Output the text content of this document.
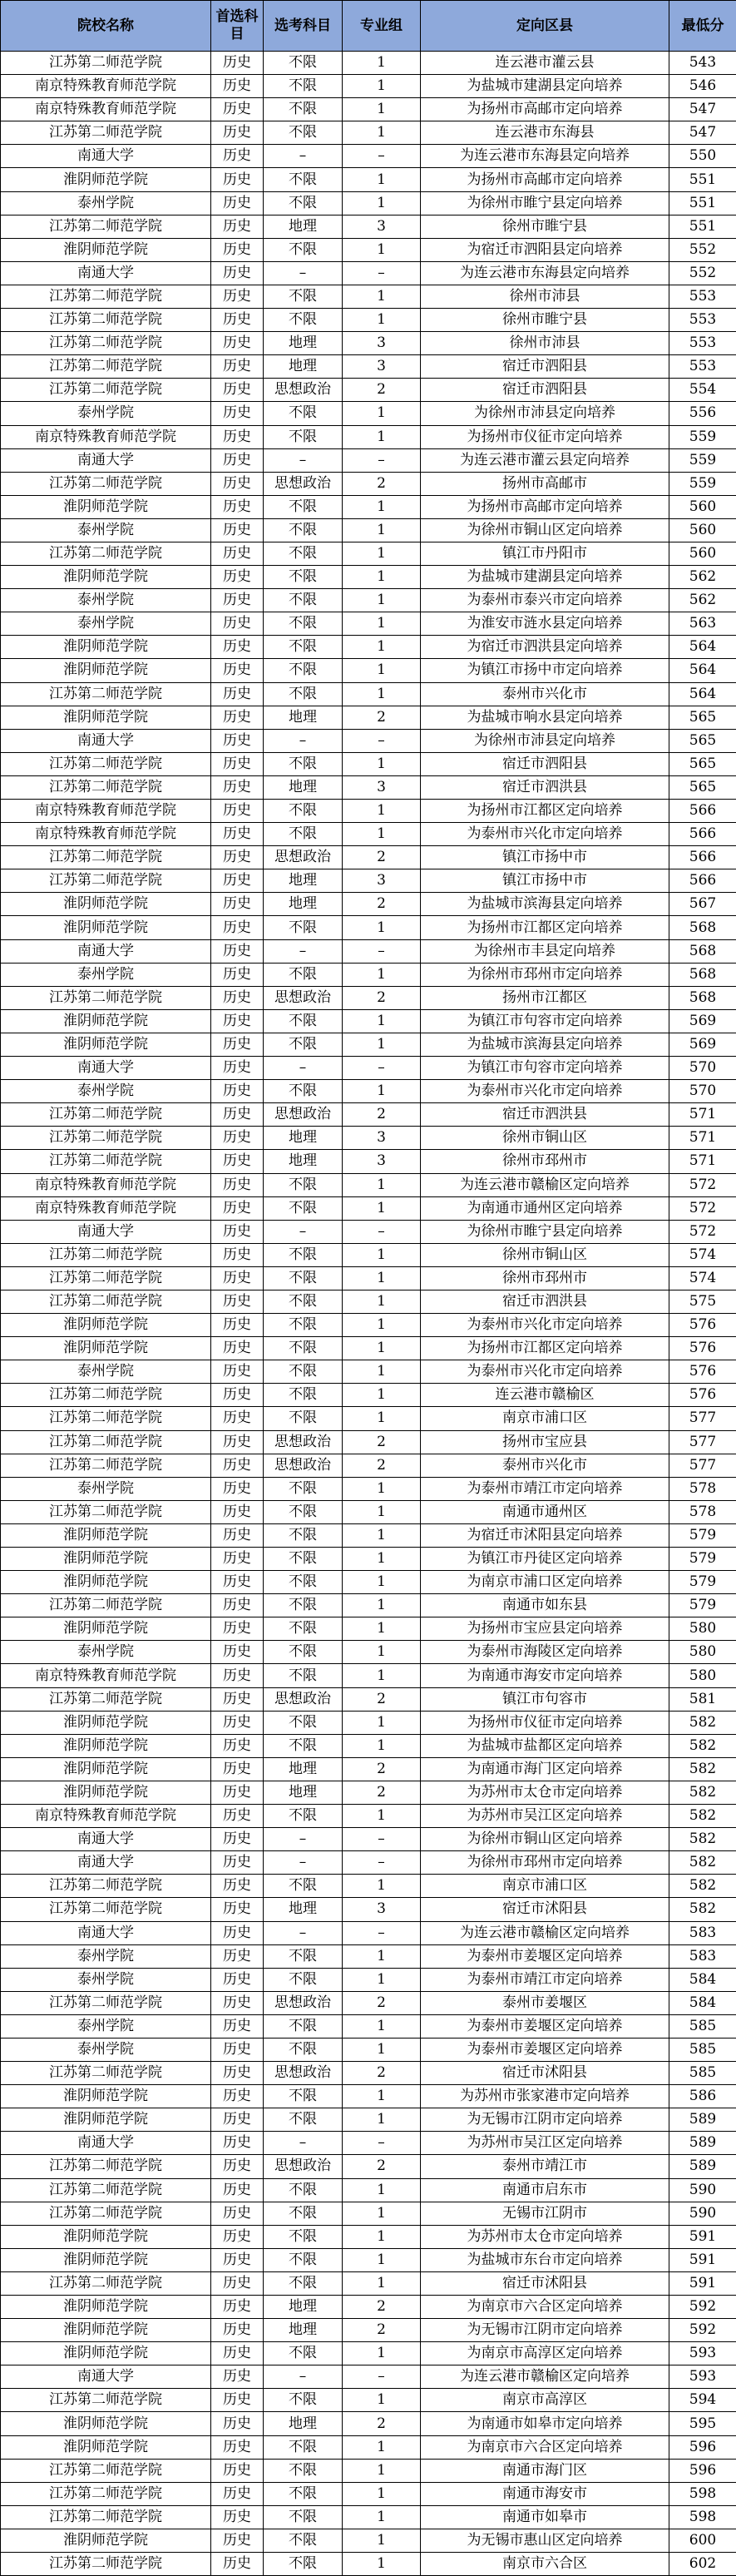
院校名称	首选科目	选考科目	专业组	定向区县	最低分
江苏第二师范学院	历史	不限	1	连云港市灌云县	543
南京特殊教育师范学院	历史	不限	1	为盐城市建湖县定向培养	546
南京特殊教育师范学院	历史	不限	1	为扬州市高邮市定向培养	547
江苏第二师范学院	历史	不限	1	连云港市东海县	547
南通大学	历史	–	–	为连云港市东海县定向培养	550
淮阴师范学院	历史	不限	1	为扬州市高邮市定向培养	551
泰州学院	历史	不限	1	为徐州市睢宁县定向培养	551
江苏第二师范学院	历史	地理	3	徐州市睢宁县	551
淮阴师范学院	历史	不限	1	为宿迁市泗阳县定向培养	552
南通大学	历史	–	–	为连云港市东海县定向培养	552
江苏第二师范学院	历史	不限	1	徐州市沛县	553
江苏第二师范学院	历史	不限	1	徐州市睢宁县	553
江苏第二师范学院	历史	地理	3	徐州市沛县	553
江苏第二师范学院	历史	地理	3	宿迁市泗阳县	553
江苏第二师范学院	历史	思想政治	2	宿迁市泗阳县	554
泰州学院	历史	不限	1	为徐州市沛县定向培养	556
南京特殊教育师范学院	历史	不限	1	为扬州市仪征市定向培养	559
南通大学	历史	–	–	为连云港市灌云县定向培养	559
江苏第二师范学院	历史	思想政治	2	扬州市高邮市	559
淮阴师范学院	历史	不限	1	为扬州市高邮市定向培养	560
泰州学院	历史	不限	1	为徐州市铜山区定向培养	560
江苏第二师范学院	历史	不限	1	镇江市丹阳市	560
淮阴师范学院	历史	不限	1	为盐城市建湖县定向培养	562
泰州学院	历史	不限	1	为泰州市泰兴市定向培养	562
泰州学院	历史	不限	1	为淮安市涟水县定向培养	563
淮阴师范学院	历史	不限	1	为宿迁市泗洪县定向培养	564
淮阴师范学院	历史	不限	1	为镇江市扬中市定向培养	564
江苏第二师范学院	历史	不限	1	泰州市兴化市	564
淮阴师范学院	历史	地理	2	为盐城市响水县定向培养	565
南通大学	历史	–	–	为徐州市沛县定向培养	565
江苏第二师范学院	历史	不限	1	宿迁市泗阳县	565
江苏第二师范学院	历史	地理	3	宿迁市泗洪县	565
南京特殊教育师范学院	历史	不限	1	为扬州市江都区定向培养	566
南京特殊教育师范学院	历史	不限	1	为泰州市兴化市定向培养	566
江苏第二师范学院	历史	思想政治	2	镇江市扬中市	566
江苏第二师范学院	历史	地理	3	镇江市扬中市	566
淮阴师范学院	历史	地理	2	为盐城市滨海县定向培养	567
淮阴师范学院	历史	不限	1	为扬州市江都区定向培养	568
南通大学	历史	–	–	为徐州市丰县定向培养	568
泰州学院	历史	不限	1	为徐州市邳州市定向培养	568
江苏第二师范学院	历史	思想政治	2	扬州市江都区	568
淮阴师范学院	历史	不限	1	为镇江市句容市定向培养	569
淮阴师范学院	历史	不限	1	为盐城市滨海县定向培养	569
南通大学	历史	–	–	为镇江市句容市定向培养	570
泰州学院	历史	不限	1	为泰州市兴化市定向培养	570
江苏第二师范学院	历史	思想政治	2	宿迁市泗洪县	571
江苏第二师范学院	历史	地理	3	徐州市铜山区	571
江苏第二师范学院	历史	地理	3	徐州市邳州市	571
南京特殊教育师范学院	历史	不限	1	为连云港市赣榆区定向培养	572
南京特殊教育师范学院	历史	不限	1	为南通市通州区定向培养	572
南通大学	历史	–	–	为徐州市睢宁县定向培养	572
江苏第二师范学院	历史	不限	1	徐州市铜山区	574
江苏第二师范学院	历史	不限	1	徐州市邳州市	574
江苏第二师范学院	历史	不限	1	宿迁市泗洪县	575
淮阴师范学院	历史	不限	1	为泰州市兴化市定向培养	576
淮阴师范学院	历史	不限	1	为扬州市江都区定向培养	576
泰州学院	历史	不限	1	为泰州市兴化市定向培养	576
江苏第二师范学院	历史	不限	1	连云港市赣榆区	576
江苏第二师范学院	历史	不限	1	南京市浦口区	577
江苏第二师范学院	历史	思想政治	2	扬州市宝应县	577
江苏第二师范学院	历史	思想政治	2	泰州市兴化市	577
泰州学院	历史	不限	1	为泰州市靖江市定向培养	578
江苏第二师范学院	历史	不限	1	南通市通州区	578
淮阴师范学院	历史	不限	1	为宿迁市沭阳县定向培养	579
淮阴师范学院	历史	不限	1	为镇江市丹徒区定向培养	579
淮阴师范学院	历史	不限	1	为南京市浦口区定向培养	579
江苏第二师范学院	历史	不限	1	南通市如东县	579
淮阴师范学院	历史	不限	1	为扬州市宝应县定向培养	580
泰州学院	历史	不限	1	为泰州市海陵区定向培养	580
南京特殊教育师范学院	历史	不限	1	为南通市海安市定向培养	580
江苏第二师范学院	历史	思想政治	2	镇江市句容市	581
淮阴师范学院	历史	不限	1	为扬州市仪征市定向培养	582
淮阴师范学院	历史	不限	1	为盐城市盐都区定向培养	582
淮阴师范学院	历史	地理	2	为南通市海门区定向培养	582
淮阴师范学院	历史	地理	2	为苏州市太仓市定向培养	582
南京特殊教育师范学院	历史	不限	1	为苏州市吴江区定向培养	582
南通大学	历史	–	–	为徐州市铜山区定向培养	582
南通大学	历史	–	–	为徐州市邳州市定向培养	582
江苏第二师范学院	历史	不限	1	南京市浦口区	582
江苏第二师范学院	历史	地理	3	宿迁市沭阳县	582
南通大学	历史	–	–	为连云港市赣榆区定向培养	583
泰州学院	历史	不限	1	为泰州市姜堰区定向培养	583
泰州学院	历史	不限	1	为泰州市靖江市定向培养	584
江苏第二师范学院	历史	思想政治	2	泰州市姜堰区	584
泰州学院	历史	不限	1	为泰州市姜堰区定向培养	585
泰州学院	历史	不限	1	为泰州市姜堰区定向培养	585
江苏第二师范学院	历史	思想政治	2	宿迁市沭阳县	585
淮阴师范学院	历史	不限	1	为苏州市张家港市定向培养	586
淮阴师范学院	历史	不限	1	为无锡市江阴市定向培养	589
南通大学	历史	–	–	为苏州市吴江区定向培养	589
江苏第二师范学院	历史	思想政治	2	泰州市靖江市	589
江苏第二师范学院	历史	不限	1	南通市启东市	590
江苏第二师范学院	历史	不限	1	无锡市江阴市	590
淮阴师范学院	历史	不限	1	为苏州市太仓市定向培养	591
淮阴师范学院	历史	不限	1	为盐城市东台市定向培养	591
江苏第二师范学院	历史	不限	1	宿迁市沭阳县	591
淮阴师范学院	历史	地理	2	为南京市六合区定向培养	592
淮阴师范学院	历史	地理	2	为无锡市江阴市定向培养	592
淮阴师范学院	历史	不限	1	为南京市高淳区定向培养	593
南通大学	历史	–	–	为连云港市赣榆区定向培养	593
江苏第二师范学院	历史	不限	1	南京市高淳区	594
淮阴师范学院	历史	地理	2	为南通市如皋市定向培养	595
淮阴师范学院	历史	不限	1	为南京市六合区定向培养	596
江苏第二师范学院	历史	不限	1	南通市海门区	596
江苏第二师范学院	历史	不限	1	南通市海安市	598
江苏第二师范学院	历史	不限	1	南通市如皋市	598
淮阴师范学院	历史	不限	1	为无锡市惠山区定向培养	600
江苏第二师范学院	历史	不限	1	南京市六合区	602
